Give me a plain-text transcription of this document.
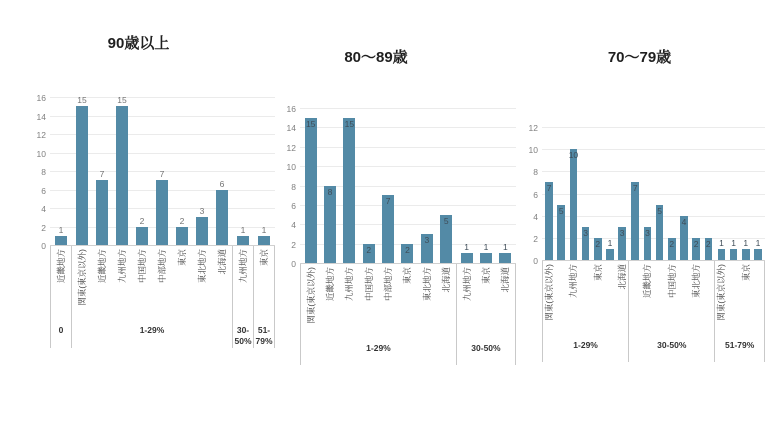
90歳以上
0
2
4
6
8
10
12
14
16
1
15
7
15
2
7
2
3
6
1	1
近畿地方
0
関東(東京以外) 近畿地方 九州地方 中国地方 中部地方 東京 東北地方 北海道
1-29%
九州地方
30-50%
東京
51-79%
80～89歳
0
2
4
6
8
10
12
14
16
15
8
15
2
7
2
3
5
1	1	1
関東(東京以外) 近畿地方 九州地方 中国地方 中部地方 東京 東北地方 北海道
1-29%
九州地方 東京 北海道
30-50%
70～79歳
0
2
4
6
8
10
12
7
5
10
3
2 1
3
7
3
5
2
4
2 2 1 1 1 1
関東(東京以外) 九州地方 東京 北海道
1-29%
近畿地方 中国地方 東北地方
30-50%
関東(東京以外) 東京
51-79%
